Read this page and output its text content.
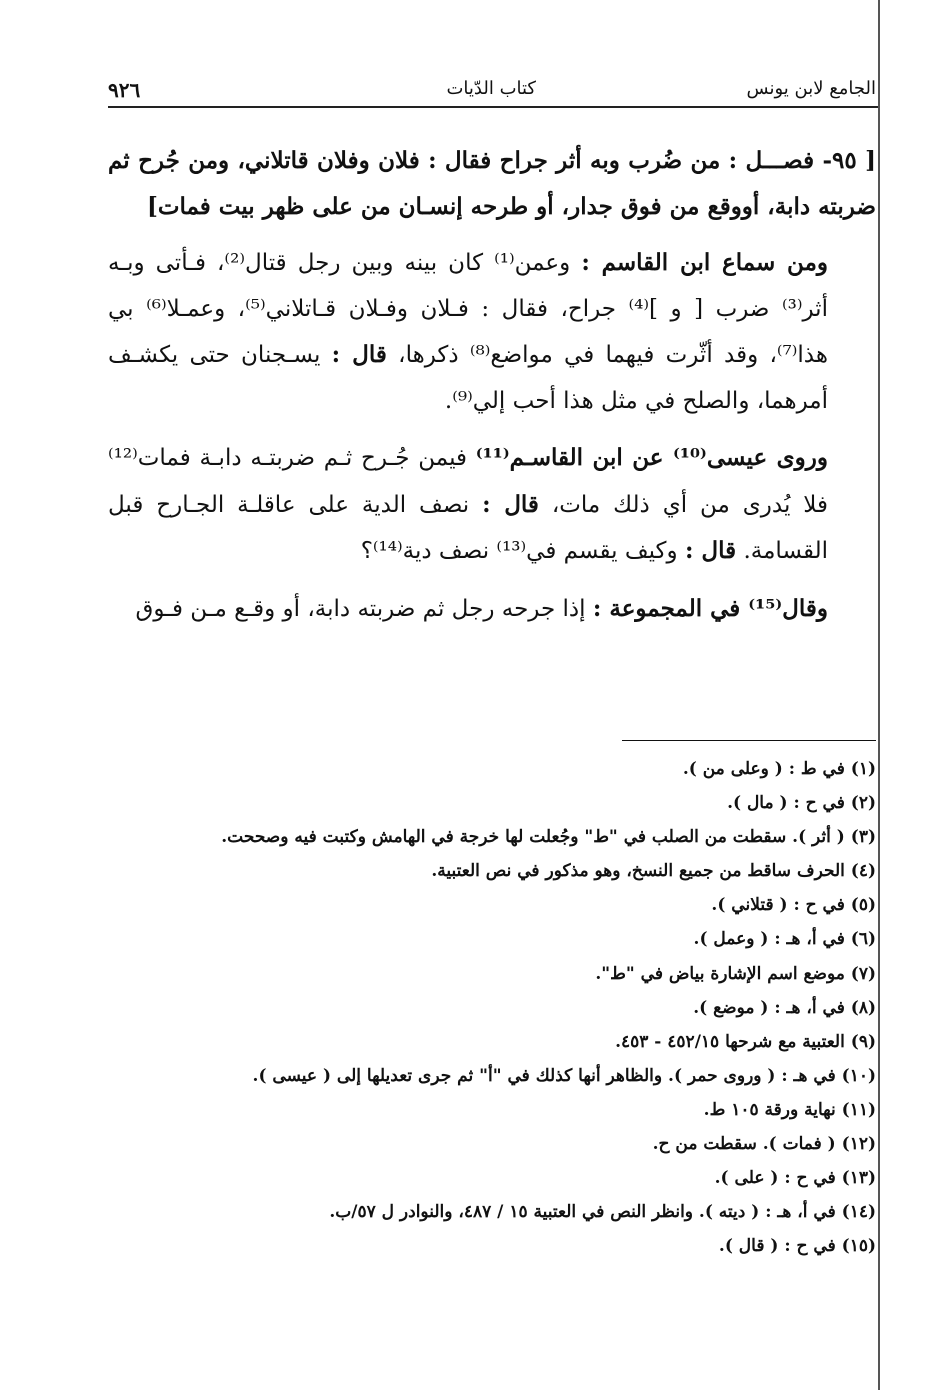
الجامع لابن يونس
كتاب الدّيات
٩٢٦

[ ٩٥- فصـــل : من ضُرب وبه أثر جراح فقال : فلان وفلان قاتلاني، ومن جُرح ثم ضربته دابة، أووقع من فوق جدار، أو طرحه إنسـان من على ظهر بيت فمات]

ومن سماع ابن القاسم : وعمن⁽¹⁾ كان بينه وبين رجل قتال⁽²⁾، فـأتى وبـه أثر⁽³⁾ ضرب [ و ]⁽⁴⁾ جراح، فقال : فـلان وفـلان قـاتلاني⁽⁵⁾، وعمـلا⁽⁶⁾ بي هذا⁽⁷⁾، وقد أثّرت فيهما في مواضع⁽⁸⁾ ذكرها، قال : يسـجنان حتى يكشـف أمرهما، والصلح في مثل هذا أحب إلي⁽⁹⁾.

وروى عيسى⁽¹⁰⁾ عن ابن القاسـم⁽¹¹⁾ فيمن جُـرح ثـم ضربتـه دابـة فمات⁽¹²⁾ فلا يُدرى من أي ذلك مات، قال : نصف الدية على عاقلـة الجـارح قبل القسامة. قال : وكيف يقسم في⁽¹³⁾ نصف دية⁽¹⁴⁾؟

وقال⁽¹⁵⁾ في المجموعة : إذا جرحه رجل ثم ضربته دابة، أو وقـع مـن فـوق

(١) في ط : ( وعلى من ).
(٢) في ح : ( مال ).
(٣) ( أثر ). سقطت من الصلب في "ط" وجُعلت لها خرجة في الهامش وكتبت فيه وصححت.
(٤) الحرف ساقط من جميع النسخ، وهو مذكور في نص العتبية.
(٥) في ح : ( قتلاني ).
(٦) في أ، هـ : ( وعمل ).
(٧) موضع اسم الإشارة بياض في "ط".
(٨) في أ، هـ : ( موضع ).
(٩) العتبية مع شرحها ٤٥٢/١٥ - ٤٥٣.
(١٠) في هـ : ( وروى حمر ). والظاهر أنها كذلك في "أ" ثم جرى تعديلها إلى ( عيسى ).
(١١) نهاية ورقة ١٠٥ ط.
(١٢) ( فمات ). سقطت من ح.
(١٣) في ح : ( على ).
(١٤) في أ، هـ : ( ديته ). وانظر النص في العتبية ١٥ / ٤٨٧، والنوادر ل ٥٧/ب.
(١٥) في ح : ( قال ).
